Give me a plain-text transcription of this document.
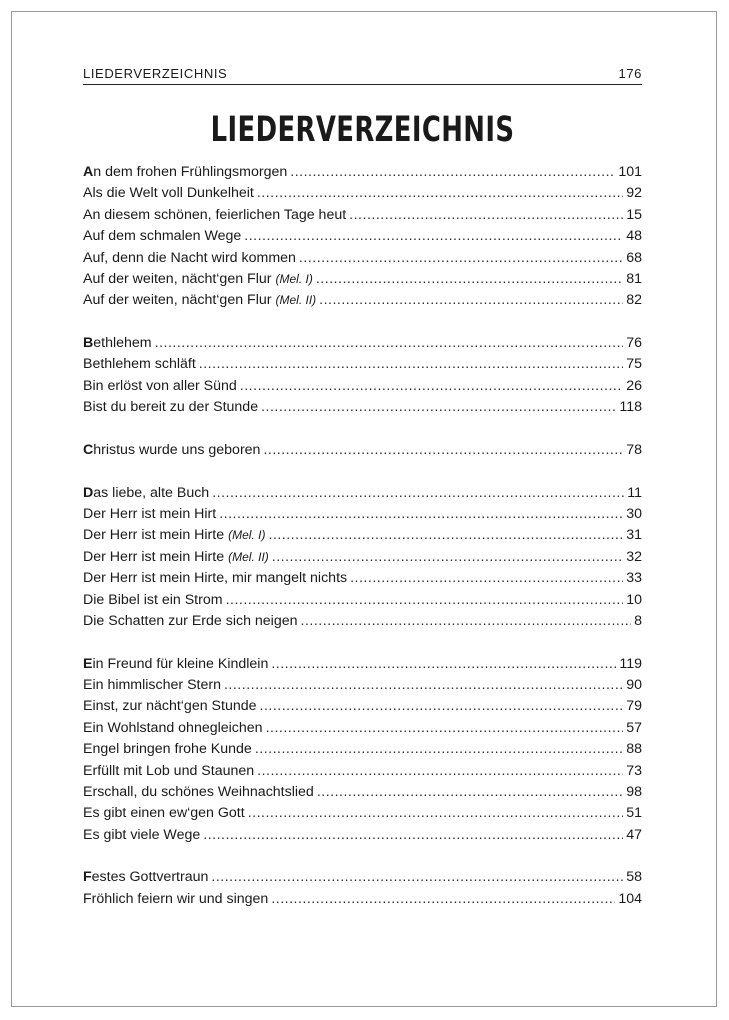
LIEDERVERZEICHNIS	176
LIEDERVERZEICHNIS
An dem frohen Frühlingsmorgen .....	101
Als die Welt voll Dunkelheit .....	92
An diesem schönen, feierlichen Tage heut .....	15
Auf dem schmalen Wege .....	48
Auf, denn die Nacht wird kommen .....	68
Auf der weiten, nächt‘gen Flur (Mel. I) .....	81
Auf der weiten, nächt‘gen Flur (Mel. II) .....	82
Bethlehem .....	76
Bethlehem schläft .....	75
Bin erlöst von aller Sünd .....	26
Bist du bereit zu der Stunde .....	118
Christus wurde uns geboren .....	78
Das liebe, alte Buch .....	11
Der Herr ist mein Hirt .....	30
Der Herr ist mein Hirte (Mel. I) .....	31
Der Herr ist mein Hirte (Mel. II) .....	32
Der Herr ist mein Hirte, mir mangelt nichts .....	33
Die Bibel ist ein Strom .....	10
Die Schatten zur Erde sich neigen .....	8
Ein Freund für kleine Kindlein .....	119
Ein himmlischer Stern .....	90
Einst, zur nächt‘gen Stunde .....	79
Ein Wohlstand ohnegleichen .....	57
Engel bringen frohe Kunde .....	88
Erfüllt mit Lob und Staunen .....	73
Erschall, du schönes Weihnachtslied .....	98
Es gibt einen ew‘gen Gott .....	51
Es gibt viele Wege .....	47
Festes Gottvertraun .....	58
Fröhlich feiern wir und singen .....	104
